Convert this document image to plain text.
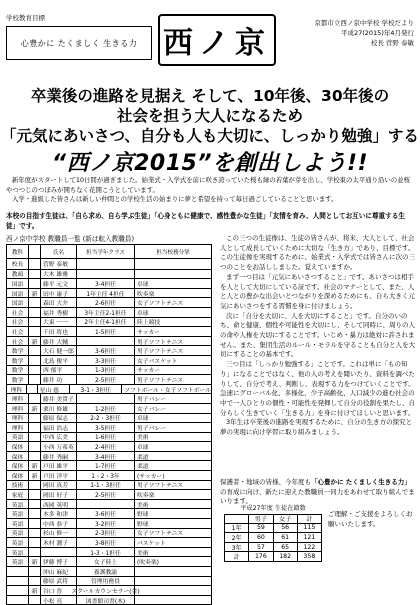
学校教育目標
心豊かに たくましく 生きる力 西ノ京
京都市立西ノ京中学校 学校だより
平成27(2015)年4月発行
校長 菅野 泰敏
卒業後の進路を見据え そして、10年後、30年後の
社会を担う大人になるため
「元気にあいさつ、自分も人も大切に、しっかり勉強」する
“西ノ京2015”を創出しよう!!

新年度がスタートして10日間が過ぎました。始業式・入学式を前に咲き誇っていた桜も緑の若葉が芽を出し、学校東の太平通り沿いの並桜やつつじのつぼみが開ちなく花開こうとしています。

入学・進級した皆さんは新しい仲間との学校生活の始まりに夢と希望を持って毎日過ごしていることと思います。

本校の目指す生徒は、「自ら求め、自ら学ぶ生徒」「心身ともに健康で、感性豊かな生徒」「友情を育み、人間としてお互いに尊重する生徒」です。
西ノ京中学校 教職員一覧 (新は転入教職員)
教科	氏名	担当学年クラス	担当校務分掌
校長	菅野 泰敏
教頭	大木 雄雅
国語	藤平 元文	3-4担任	卓球
国語	新 田中 康子	1年主任 4担任	吹奏楽
国語	森田 大介	2-6担任	女子ソフトテニス
社会	福井 秀樹	3年主任2-1担任	卓球
社会	大東 一一	2年主任4-1担任	陸上競技
社会	千田 将也	1-5担任	サッカー
社会	新 藤井 大輔	男子ソフトテニス
数学	大石 健一郎	3-6担任	男子ソフトテニス
数学	北島 俊平	3-3担任	女子バスケット
数学	西 郁平	1-3担任	サッカー
数学	藤井 功	2-5担任	男子ソフトテニス
理科	星山 慈	3-1・3担任	ソフトボール・女子ソフトボール
理科	藤井 美貴子	男子バレー
理科	新 栗川 修雄	1-2担任	女子バレー
理科	藤原 保志	2-2・3担任	卓球
理科	福田 浩志	3-5担任	男子バレー
英語	中西 広美	1-6担任	美術
保体	小西 万希英	2-4担任	卓球
保体	藤井 秀嗣	3-4担任	柔道
保体	新 戸田 雄平	1-7担任	柔道
保体	新 戸田 洋平	1・2・3年	(サッカー)
技術	岡田 真芳	1-1・3担任	男子ソフトテニス
家庭	岡田 好子	2-5担任	吹奏楽
英語	西岡 英明	美術
英語	本多 和津	3-6担任	野球
英語	中西 恭子	3-2担任	野球
英語	杉山 修一	2-3担任	女子ソフトテニス
英語	木村 潤子	3-8担任	バスケット
英語	1-3・1担任	美術
英語	新 伊藤 博子	女子陸上	(吹奏楽)
沖山 麻紀	養護教諭
藤原 武将	管理用務員
新 谷口 晋	スクールカウンセラー(金)
小松 亮	図書館司書(木)

この三つの生徒像は、生徒の皆さんが、将来、大人として、社会人として成長していくために大切な「生き方」であり、目標です。この生徒像を実現するために、始業式・入学式では皆さんに次の三つのことをお話ししました。覚えていますか。

まず一つ目は「元気にあいさつすること」です。あいさつは相手を人として大切にしている証です。社会のマナーとして、また、人と人との豊かな出会いとつながりを深めるためにも、自ら大きく元気にあいさつをする習慣を身に付けましょう。

次に「自分を大切に、人を大切にすること」です。自分のいのち、命と健康、個性や可能性を大切にし、そして同時に、周りの人の命や人権を大切にすることです。いじめ・暴力は絶対に許されません。また、集団生活のルール・モラルを守ることも自分と人を大切にすることの基本です。

三つ目は「しっかり勉強する」ことです。これは単に「もの知り」になることではなく、他の人の考えを聞いたり、資料を調べたりして、自分で考え、判断し、表現する力をつけていくことです。急速にグローバル化、多様化、少子高齢化、人口減少の進む社会の中で一人ひとりの個性・可能性を発揮して自分の役割を果たし、自分らしく生きていく「生きる力」を身に付けてほしいと思います。

3年生は卒業後の進路を実現するために、自分の生き方の探究と夢の実現に向け学習に取り組みましょう。

保護者・地域の皆様、今年度も「心豊かに たくましく生きる力」の育成に向け、新たに迎えた教職員一同力をあわせて取り組んでまいります。
平成27年度 生徒在籍数
男子	女子	計
1年	59	56	115
2年	60	61	121
3年	57	65	122
計	176	182	358
ご理解・ご支援をよろしくお願いいたします。
